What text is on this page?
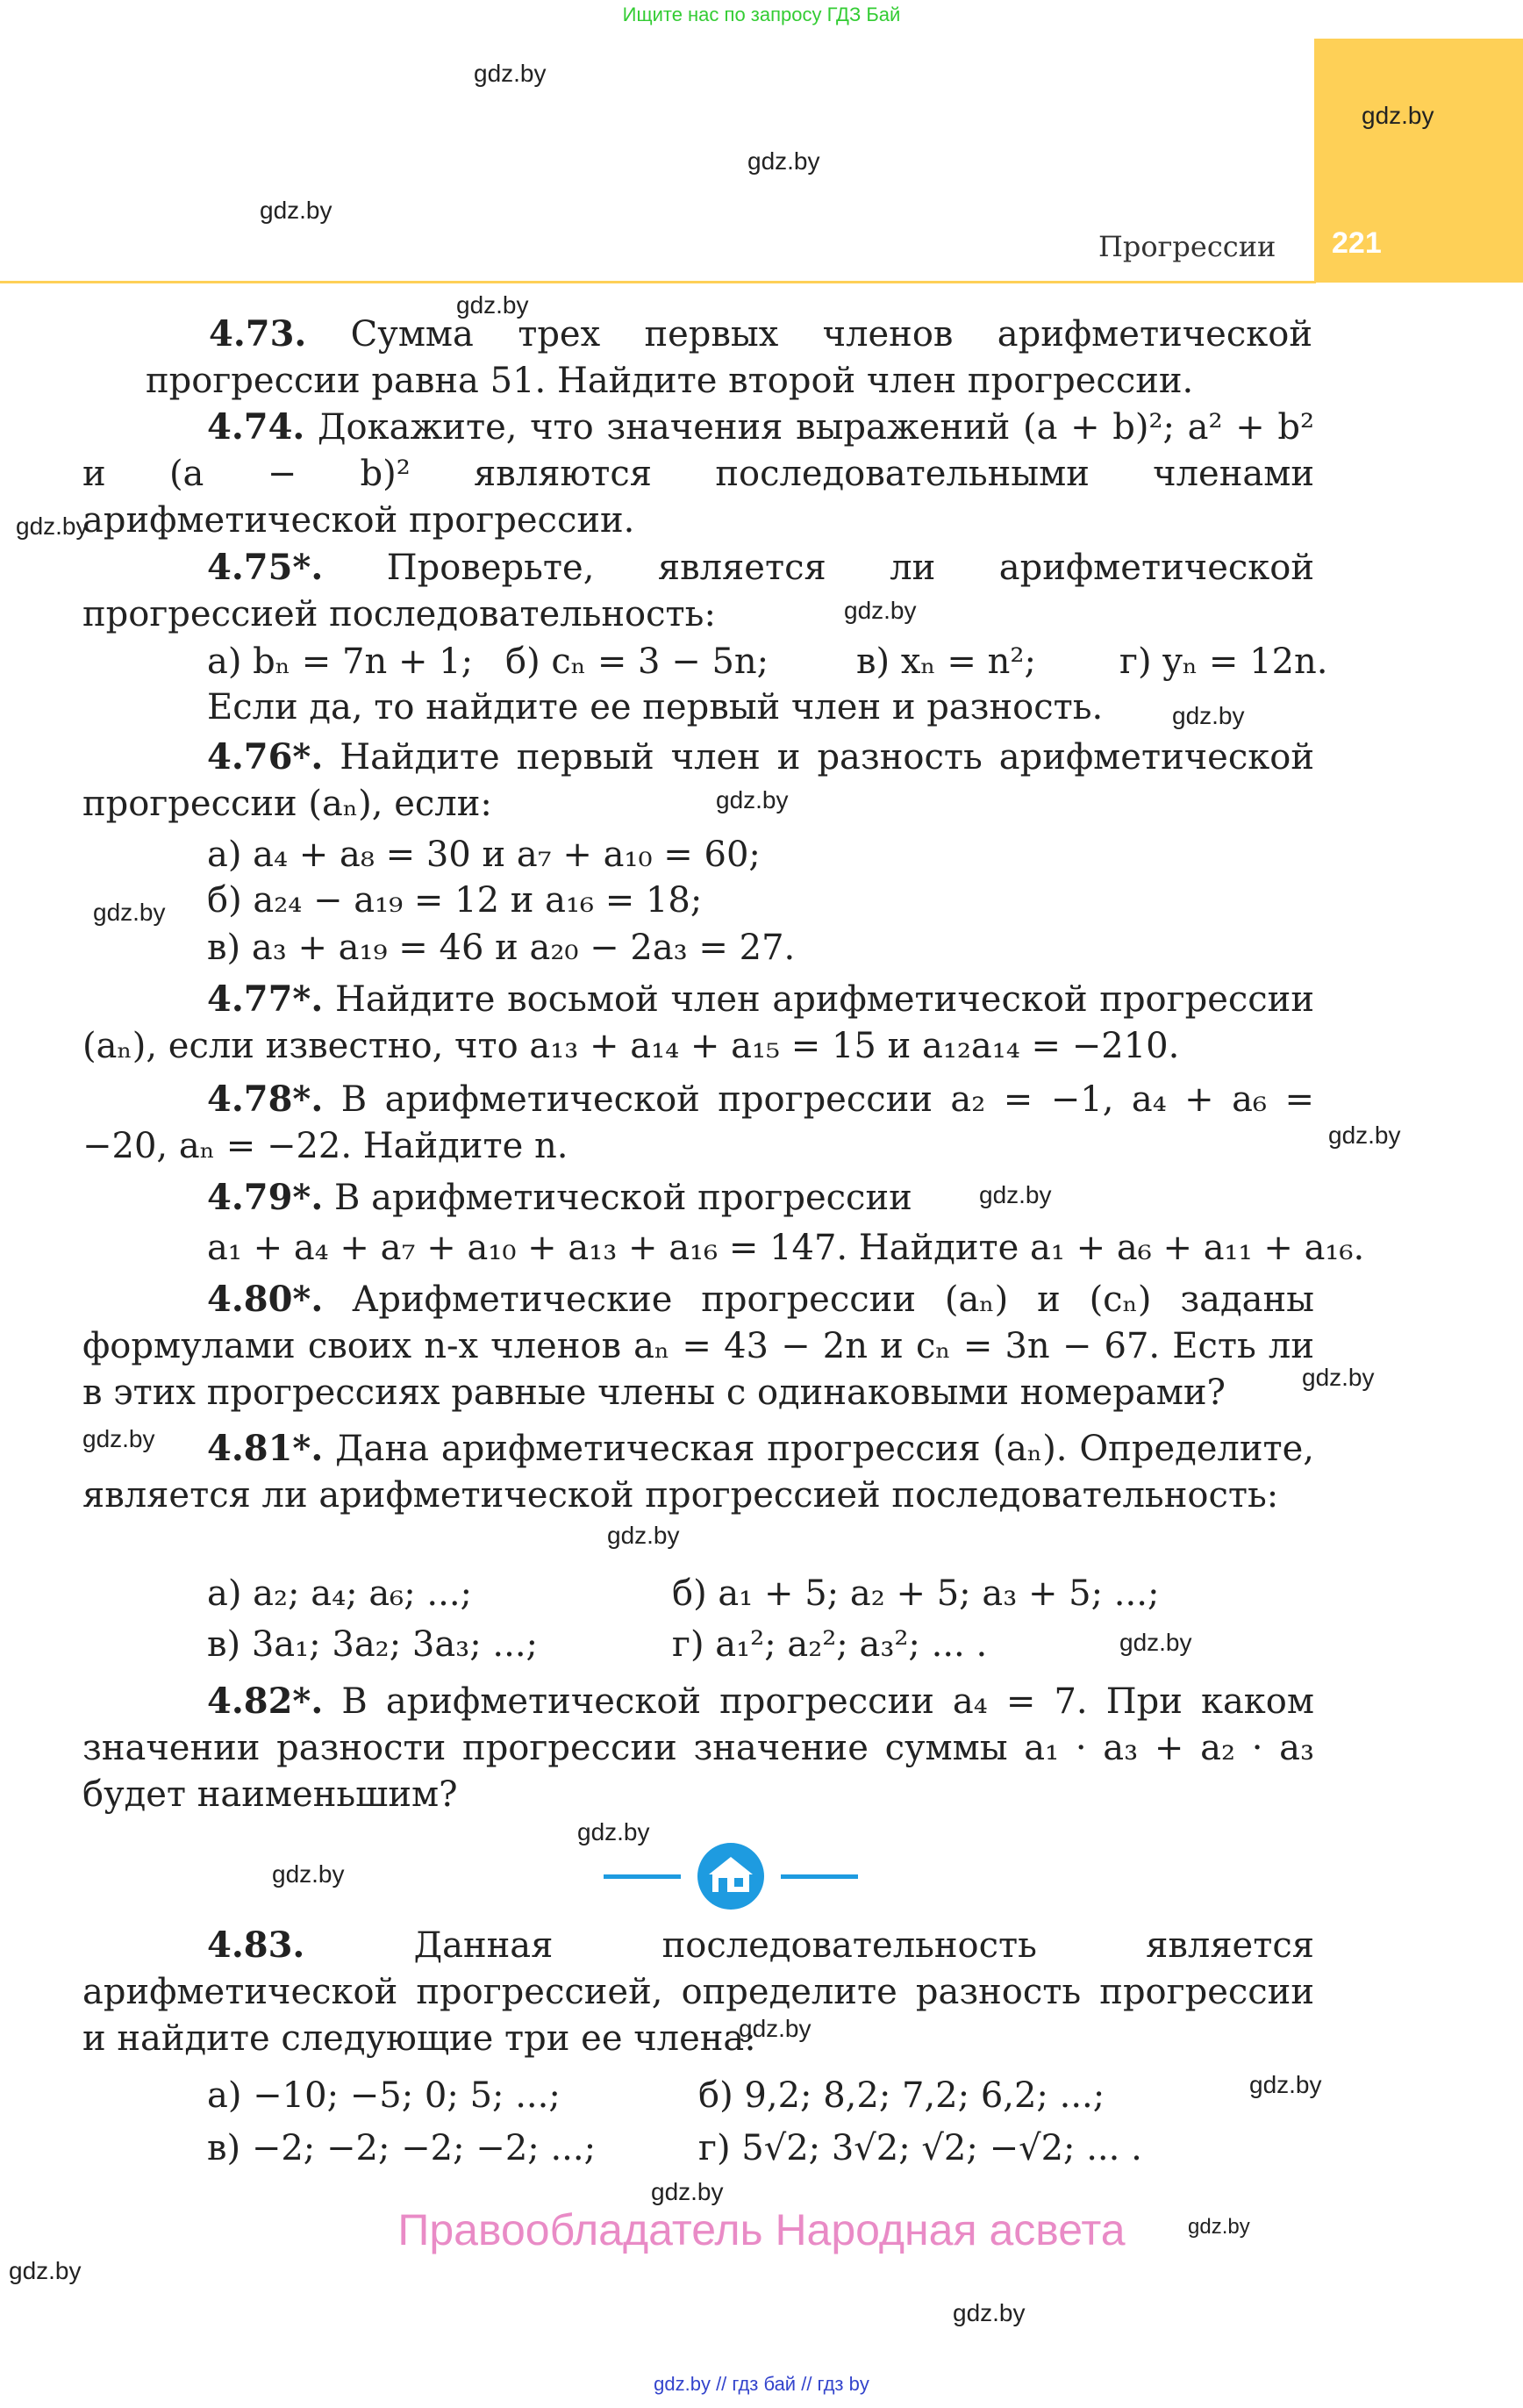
Ищите нас по запросу ГДЗ Бай
221
Прогрессии
gdz.by
gdz.by
gdz.by
gdz.by
gdz.by
gdz.by
gdz.by
gdz.by
gdz.by
gdz.by
gdz.by
gdz.by
gdz.by
gdz.by
gdz.by
gdz.by
gdz.by
gdz.by
gdz.by
gdz.by
gdz.by
gdz.by
gdz.by
gdz.by
4.73. Сумма трех первых членов арифметической прогрессии равна 51. Найдите второй член прогрессии.
4.74. Докажите, что значения выражений (a + b)²; a² + b² и (a − b)² являются последовательными членами арифметической прогрессии.
4.75*. Проверьте, является ли арифметической прогрессией последовательность:
а) bₙ = 7n + 1; б) cₙ = 3 − 5n; в) xₙ = n²; г) yₙ = 12n.
Если да, то найдите ее первый член и разность.
4.76*. Найдите первый член и разность арифметической прогрессии (aₙ), если:
а) a₄ + a₈ = 30 и a₇ + a₁₀ = 60;
б) a₂₄ − a₁₉ = 12 и a₁₆ = 18;
в) a₃ + a₁₉ = 46 и a₂₀ − 2a₃ = 27.
4.77*. Найдите восьмой член арифметической прогрессии (aₙ), если известно, что a₁₃ + a₁₄ + a₁₅ = 15 и a₁₂a₁₄ = −210.
4.78*. В арифметической прогрессии a₂ = −1, a₄ + a₆ = −20, aₙ = −22. Найдите n.
4.79*. В арифметической прогрессии
a₁ + a₄ + a₇ + a₁₀ + a₁₃ + a₁₆ = 147. Найдите a₁ + a₆ + a₁₁ + a₁₆.
4.80*. Арифметические прогрессии (aₙ) и (cₙ) заданы формулами своих n-х членов aₙ = 43 − 2n и cₙ = 3n − 67. Есть ли в этих прогрессиях равные члены с одинаковыми номерами?
4.81*. Дана арифметическая прогрессия (aₙ). Определите, является ли арифметической прогрессией последовательность:
а) a₂; a₄; a₆; ...;	б) a₁ + 5; a₂ + 5; a₃ + 5; ...;
в) 3a₁; 3a₂; 3a₃; ...;	г) a₁²; a₂²; a₃²; ... .
4.82*. В арифметической прогрессии a₄ = 7. При каком значении разности прогрессии значение суммы a₁ · a₃ + a₂ · a₃ будет наименьшим?
4.83.	Данная последовательность является арифметической прогрессией, определите разность прогрессии и найдите следующие три ее члена:
а) −10; −5; 0; 5; ...;	б) 9,2; 8,2; 7,2; 6,2; ...;
в) −2; −2; −2; −2; ...;	г) 5√2; 3√2; √2; −√2; ... .
Правообладатель Народная асвета
gdz.by // гдз бай // гдз by
